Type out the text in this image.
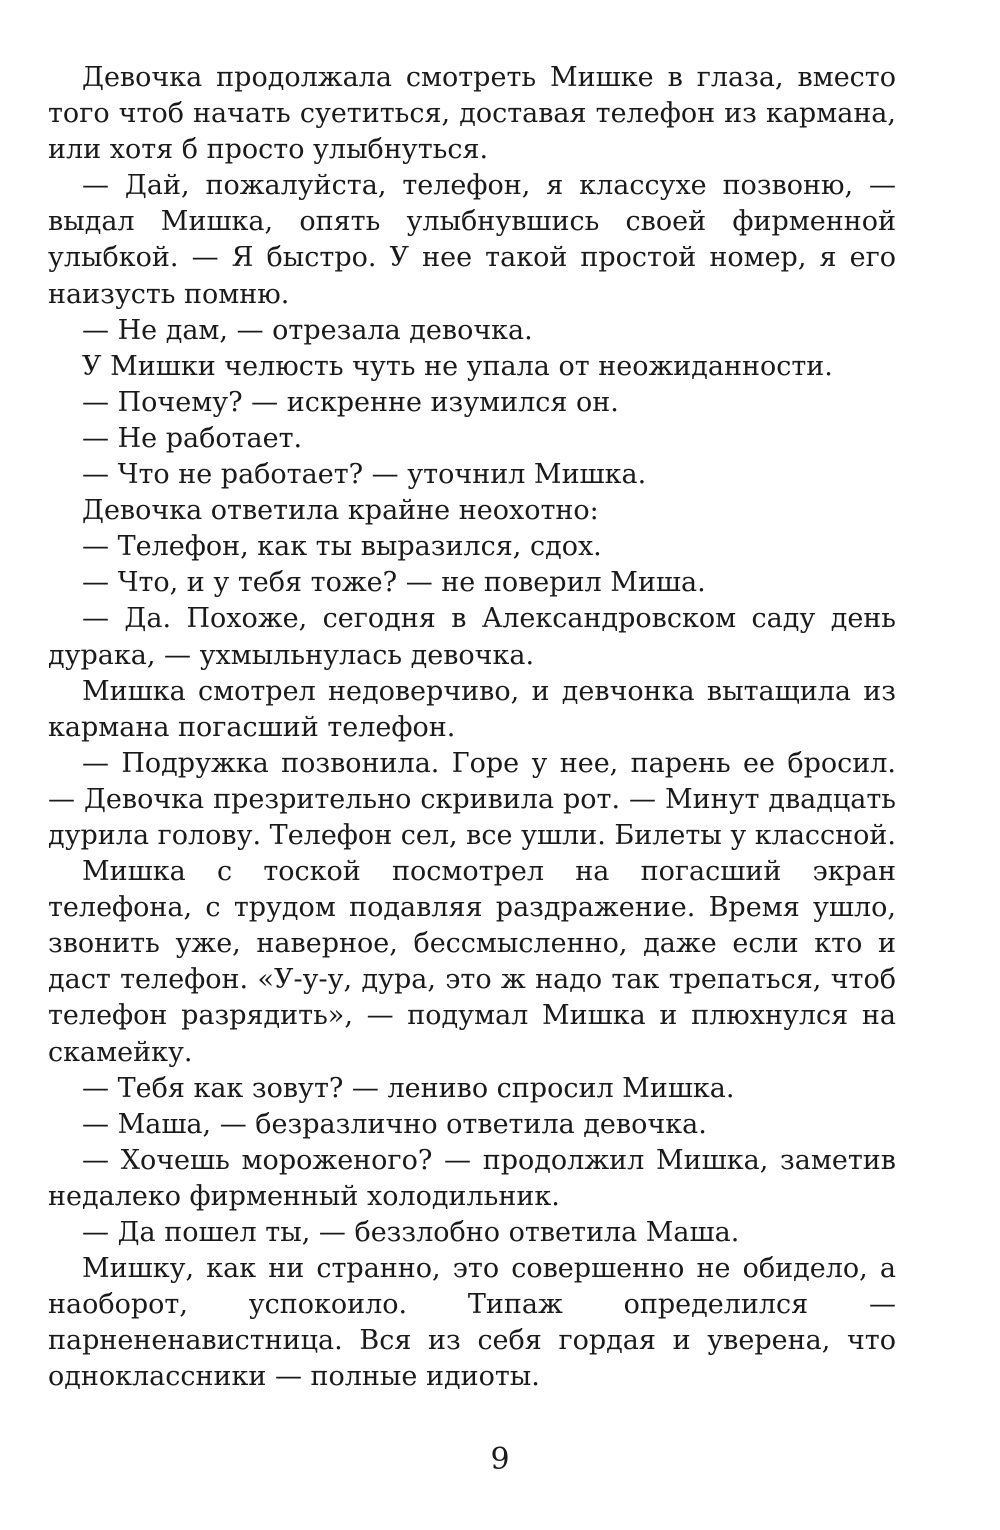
Девочка продолжала смотреть Мишке в глаза, вместо того чтоб начать суетиться, доставая телефон из кармана, или хотя б просто улыбнуться.

— Дай, пожалуйста, телефон, я классухе позвоню, — выдал Мишка, опять улыбнувшись своей фирменной улыбкой. — Я быстро. У нее такой простой номер, я его наизусть помню.

— Не дам, — отрезала девочка.

У Мишки челюсть чуть не упала от неожиданности.

— Почему? — искренне изумился он.

— Не работает.

— Что не работает? — уточнил Мишка.

Девочка ответила крайне неохотно:

— Телефон, как ты выразился, сдох.

— Что, и у тебя тоже? — не поверил Миша.

— Да. Похоже, сегодня в Александровском саду день дурака, — ухмыльнулась девочка.

Мишка смотрел недоверчиво, и девчонка вытащила из кармана погасший телефон.

— Подружка позвонила. Горе у нее, парень ее бросил. — Девочка презрительно скривила рот. — Минут двадцать дурила голову. Телефон сел, все ушли. Билеты у классной.

Мишка с тоской посмотрел на погасший экран телефона, с трудом подавляя раздражение. Время ушло, звонить уже, наверное, бессмысленно, даже если кто и даст телефон. «У-у-у, дура, это ж надо так трепаться, чтоб телефон разрядить», — подумал Мишка и плюхнулся на скамейку.

— Тебя как зовут? — лениво спросил Мишка.

— Маша, — безразлично ответила девочка.

— Хочешь мороженого? — продолжил Мишка, заметив недалеко фирменный холодильник.

— Да пошел ты, — беззлобно ответила Маша.

Мишку, как ни странно, это совершенно не обидело, а наоборот, успокоило. Типаж определился — парнененавистница. Вся из себя гордая и уверена, что одноклассники — полные идиоты.

9
